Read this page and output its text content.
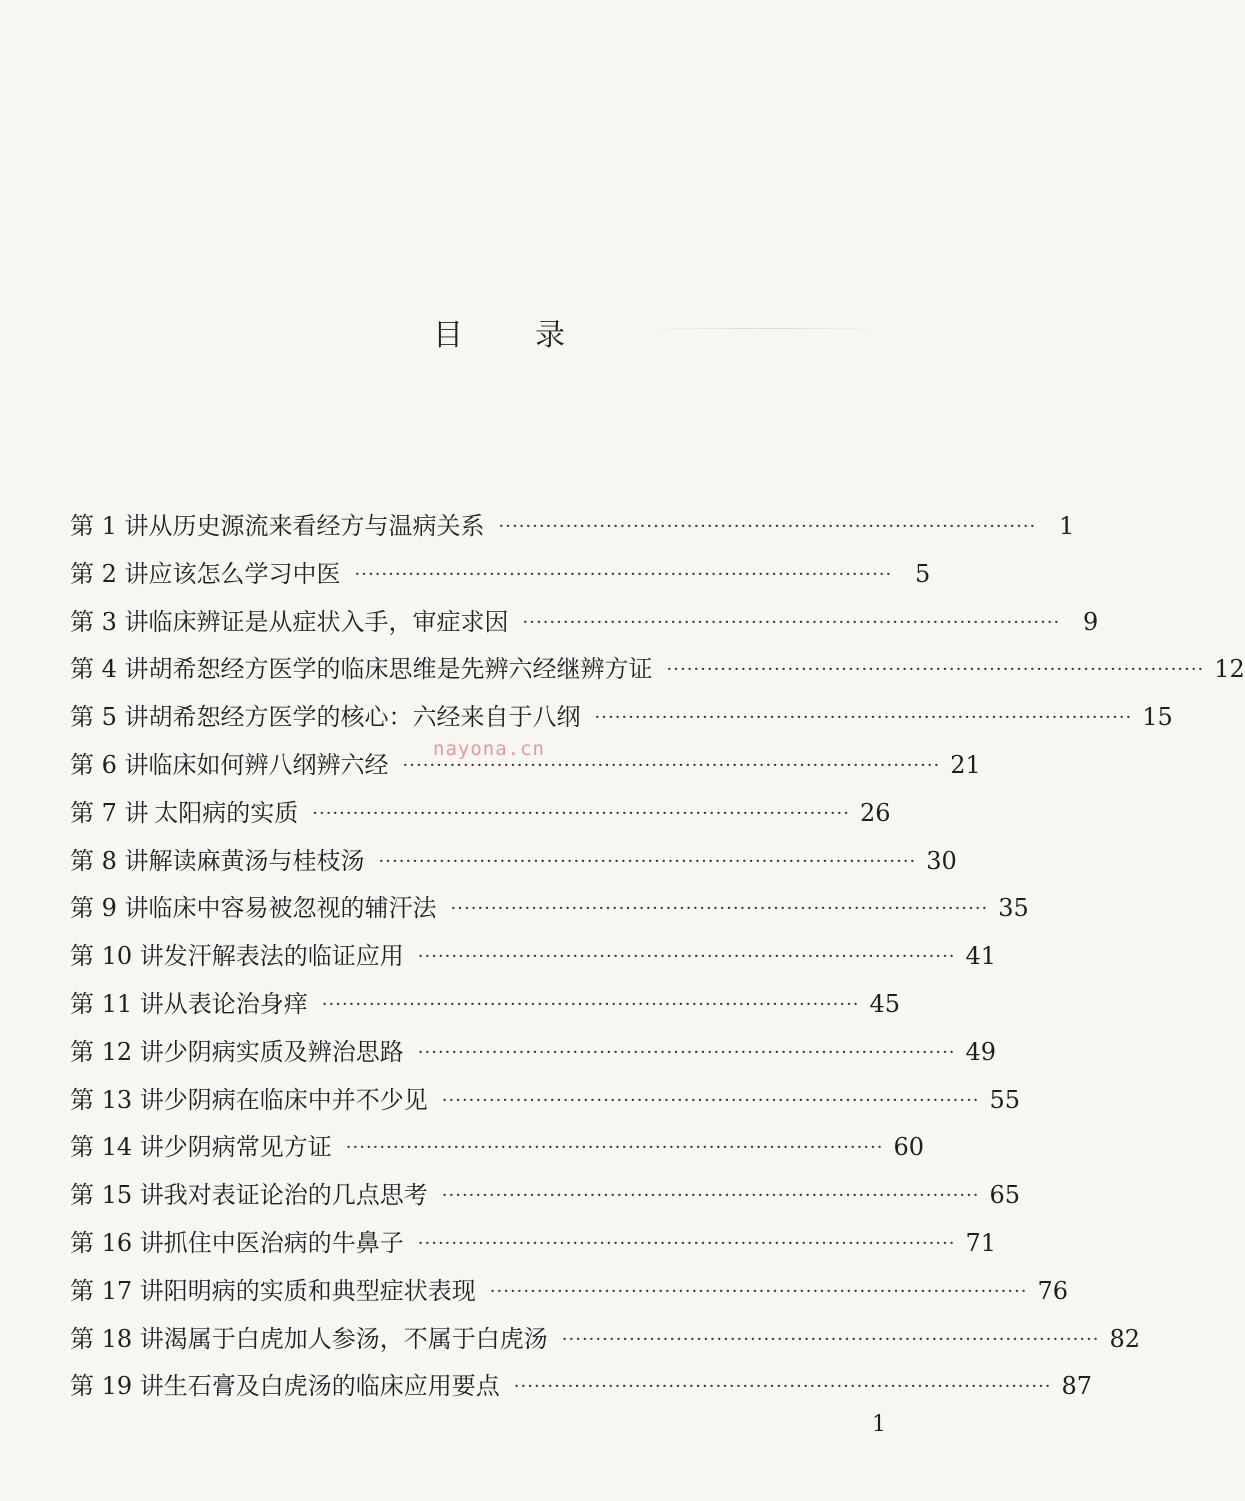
目 录
第 1 讲 从历史源流来看经方与温病关系 ················································································ 1
第 2 讲 应该怎么学习中医 ················································································ 5
第 3 讲 临床辨证是从症状入手，审症求因 ················································································ 9
第 4 讲 胡希恕经方医学的临床思维是先辨六经继辨方证 ················································································ 12
第 5 讲 胡希恕经方医学的核心：六经来自于八纲 ················································································ 15
第 6 讲 临床如何辨八纲辨六经 ················································································ 21
第 7 讲 太阳病的实质 ················································································ 26
第 8 讲 解读麻黄汤与桂枝汤 ················································································ 30
第 9 讲 临床中容易被忽视的辅汗法 ················································································ 35
第 10 讲 发汗解表法的临证应用 ················································································ 41
第 11 讲 从表论治身痒 ················································································ 45
第 12 讲 少阴病实质及辨治思路 ················································································ 49
第 13 讲 少阴病在临床中并不少见 ················································································ 55
第 14 讲 少阴病常见方证 ················································································ 60
第 15 讲 我对表证论治的几点思考 ················································································ 65
第 16 讲 抓住中医治病的牛鼻子 ················································································ 71
第 17 讲 阳明病的实质和典型症状表现 ················································································ 76
第 18 讲 渴属于白虎加人参汤，不属于白虎汤 ················································································ 82
第 19 讲 生石膏及白虎汤的临床应用要点 ················································································ 87
nayona.cn
1
